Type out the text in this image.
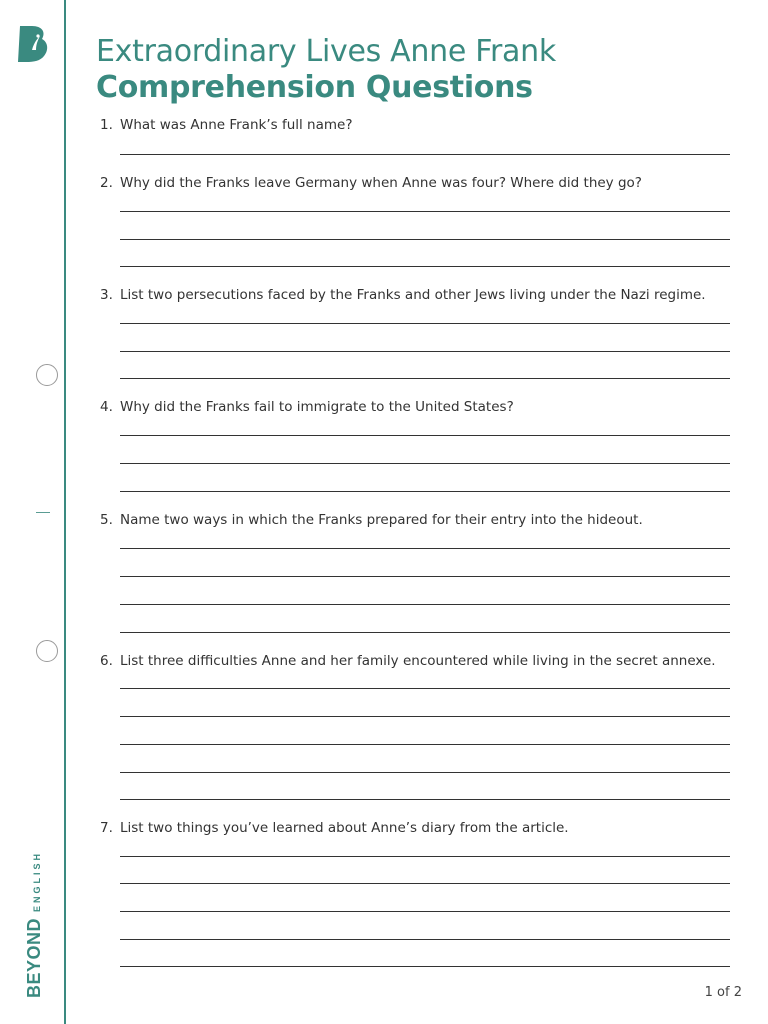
BEYOND
ENGLISH
Extraordinary Lives Anne Frank
Comprehension Questions
1. What was Anne Frank’s full name?
2. Why did the Franks leave Germany when Anne was four? Where did they go?
3. List two persecutions faced by the Franks and other Jews living under the Nazi regime.
4. Why did the Franks fail to immigrate to the United States?
5. Name two ways in which the Franks prepared for their entry into the hideout.
6. List three difficulties Anne and her family encountered while living in the secret annexe.
7. List two things you’ve learned about Anne’s diary from the article.
1 of 2
